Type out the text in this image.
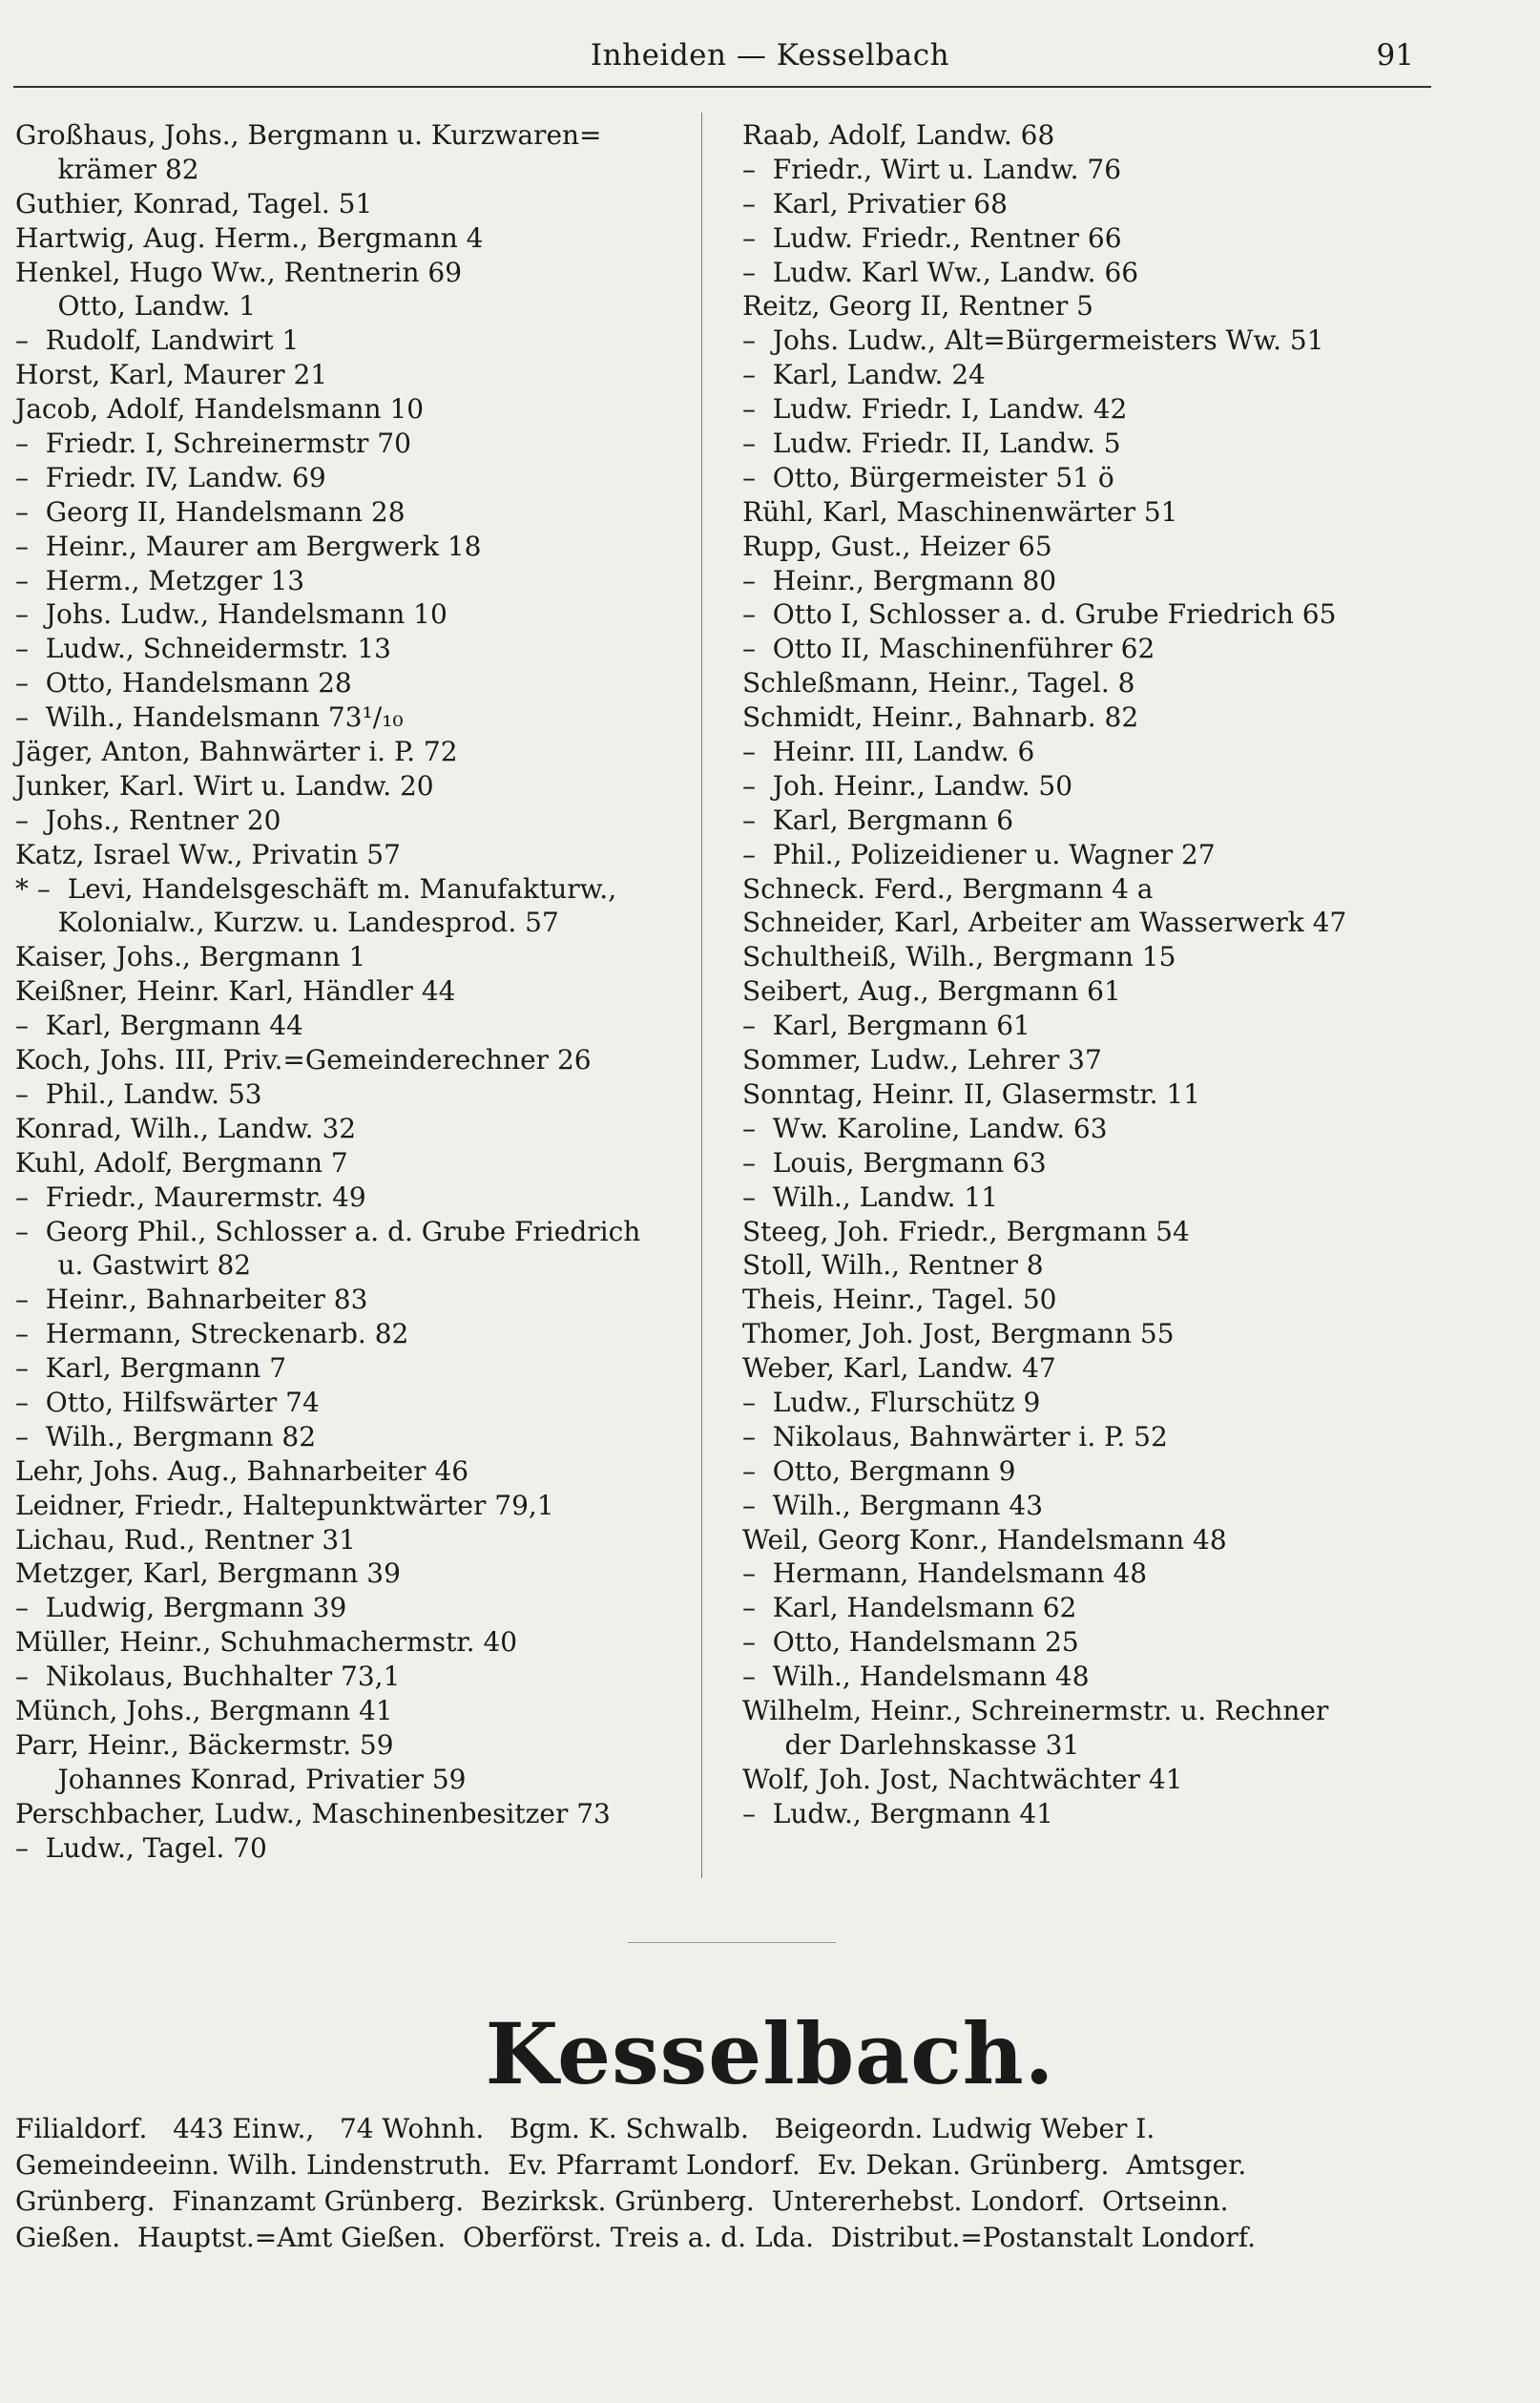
Inheiden — Kesselbach	91
Großhaus, Johs., Bergmann u. Kurzwaren=
krämer 82
Guthier, Konrad, Tagel. 51
Hartwig, Aug. Herm., Bergmann 4
Henkel, Hugo Ww., Rentnerin 69
Otto, Landw. 1
–  Rudolf, Landwirt 1
Horst, Karl, Maurer 21
Jacob, Adolf, Handelsmann 10
–  Friedr. I, Schreinermstr 70
–  Friedr. IV, Landw. 69
–  Georg II, Handelsmann 28
–  Heinr., Maurer am Bergwerk 18
–  Herm., Metzger 13
–  Johs. Ludw., Handelsmann 10
–  Ludw., Schneidermstr. 13
–  Otto, Handelsmann 28
–  Wilh., Handelsmann 73¹/₁₀
Jäger, Anton, Bahnwärter i. P. 72
Junker, Karl. Wirt u. Landw. 20
–  Johs., Rentner 20
Katz, Israel Ww., Privatin 57
* –  Levi, Handelsgeschäft m. Manufakturw.,
Kolonialw., Kurzw. u. Landesprod. 57
Kaiser, Johs., Bergmann 1
Keißner, Heinr. Karl, Händler 44
–  Karl, Bergmann 44
Koch, Johs. III, Priv.=Gemeinderechner 26
–  Phil., Landw. 53
Konrad, Wilh., Landw. 32
Kuhl, Adolf, Bergmann 7
–  Friedr., Maurermstr. 49
–  Georg Phil., Schlosser a. d. Grube Friedrich
u. Gastwirt 82
–  Heinr., Bahnarbeiter 83
–  Hermann, Streckenarb. 82
–  Karl, Bergmann 7
–  Otto, Hilfswärter 74
–  Wilh., Bergmann 82
Lehr, Johs. Aug., Bahnarbeiter 46
Leidner, Friedr., Haltepunktwärter 79,1
Lichau, Rud., Rentner 31
Metzger, Karl, Bergmann 39
–  Ludwig, Bergmann 39
Müller, Heinr., Schuhmachermstr. 40
–  Nikolaus, Buchhalter 73,1
Münch, Johs., Bergmann 41
Parr, Heinr., Bäckermstr. 59
Johannes Konrad, Privatier 59
Perschbacher, Ludw., Maschinenbesitzer 73
–  Ludw., Tagel. 70
Raab, Adolf, Landw. 68
–  Friedr., Wirt u. Landw. 76
–  Karl, Privatier 68
–  Ludw. Friedr., Rentner 66
–  Ludw. Karl Ww., Landw. 66
Reitz, Georg II, Rentner 5
–  Johs. Ludw., Alt=Bürgermeisters Ww. 51
–  Karl, Landw. 24
–  Ludw. Friedr. I, Landw. 42
–  Ludw. Friedr. II, Landw. 5
–  Otto, Bürgermeister 51 ö
Rühl, Karl, Maschinenwärter 51
Rupp, Gust., Heizer 65
–  Heinr., Bergmann 80
–  Otto I, Schlosser a. d. Grube Friedrich 65
–  Otto II, Maschinenführer 62
Schleßmann, Heinr., Tagel. 8
Schmidt, Heinr., Bahnarb. 82
–  Heinr. III, Landw. 6
–  Joh. Heinr., Landw. 50
–  Karl, Bergmann 6
–  Phil., Polizeidiener u. Wagner 27
Schneck. Ferd., Bergmann 4 a
Schneider, Karl, Arbeiter am Wasserwerk 47
Schultheiß, Wilh., Bergmann 15
Seibert, Aug., Bergmann 61
–  Karl, Bergmann 61
Sommer, Ludw., Lehrer 37
Sonntag, Heinr. II, Glasermstr. 11
–  Ww. Karoline, Landw. 63
–  Louis, Bergmann 63
–  Wilh., Landw. 11
Steeg, Joh. Friedr., Bergmann 54
Stoll, Wilh., Rentner 8
Theis, Heinr., Tagel. 50
Thomer, Joh. Jost, Bergmann 55
Weber, Karl, Landw. 47
–  Ludw., Flurschütz 9
–  Nikolaus, Bahnwärter i. P. 52
–  Otto, Bergmann 9
–  Wilh., Bergmann 43
Weil, Georg Konr., Handelsmann 48
–  Hermann, Handelsmann 48
–  Karl, Handelsmann 62
–  Otto, Handelsmann 25
–  Wilh., Handelsmann 48
Wilhelm, Heinr., Schreinermstr. u. Rechner
der Darlehnskasse 31
Wolf, Joh. Jost, Nachtwächter 41
–  Ludw., Bergmann 41
Kesselbach.
Filialdorf.   443 Einw.,   74 Wohnh.   Bgm. K. Schwalb.   Beigeordn. Ludwig Weber I.
Gemeindeeinn. Wilh. Lindenstruth.  Ev. Pfarramt Londorf.  Ev. Dekan. Grünberg.  Amtsger.
Grünberg.  Finanzamt Grünberg.  Bezirksk. Grünberg.  Untererhebst. Londorf.  Ortseinn.
Gießen.  Hauptst.=Amt Gießen.  Oberförst. Treis a. d. Lda.  Distribut.=Postanstalt Londorf.
